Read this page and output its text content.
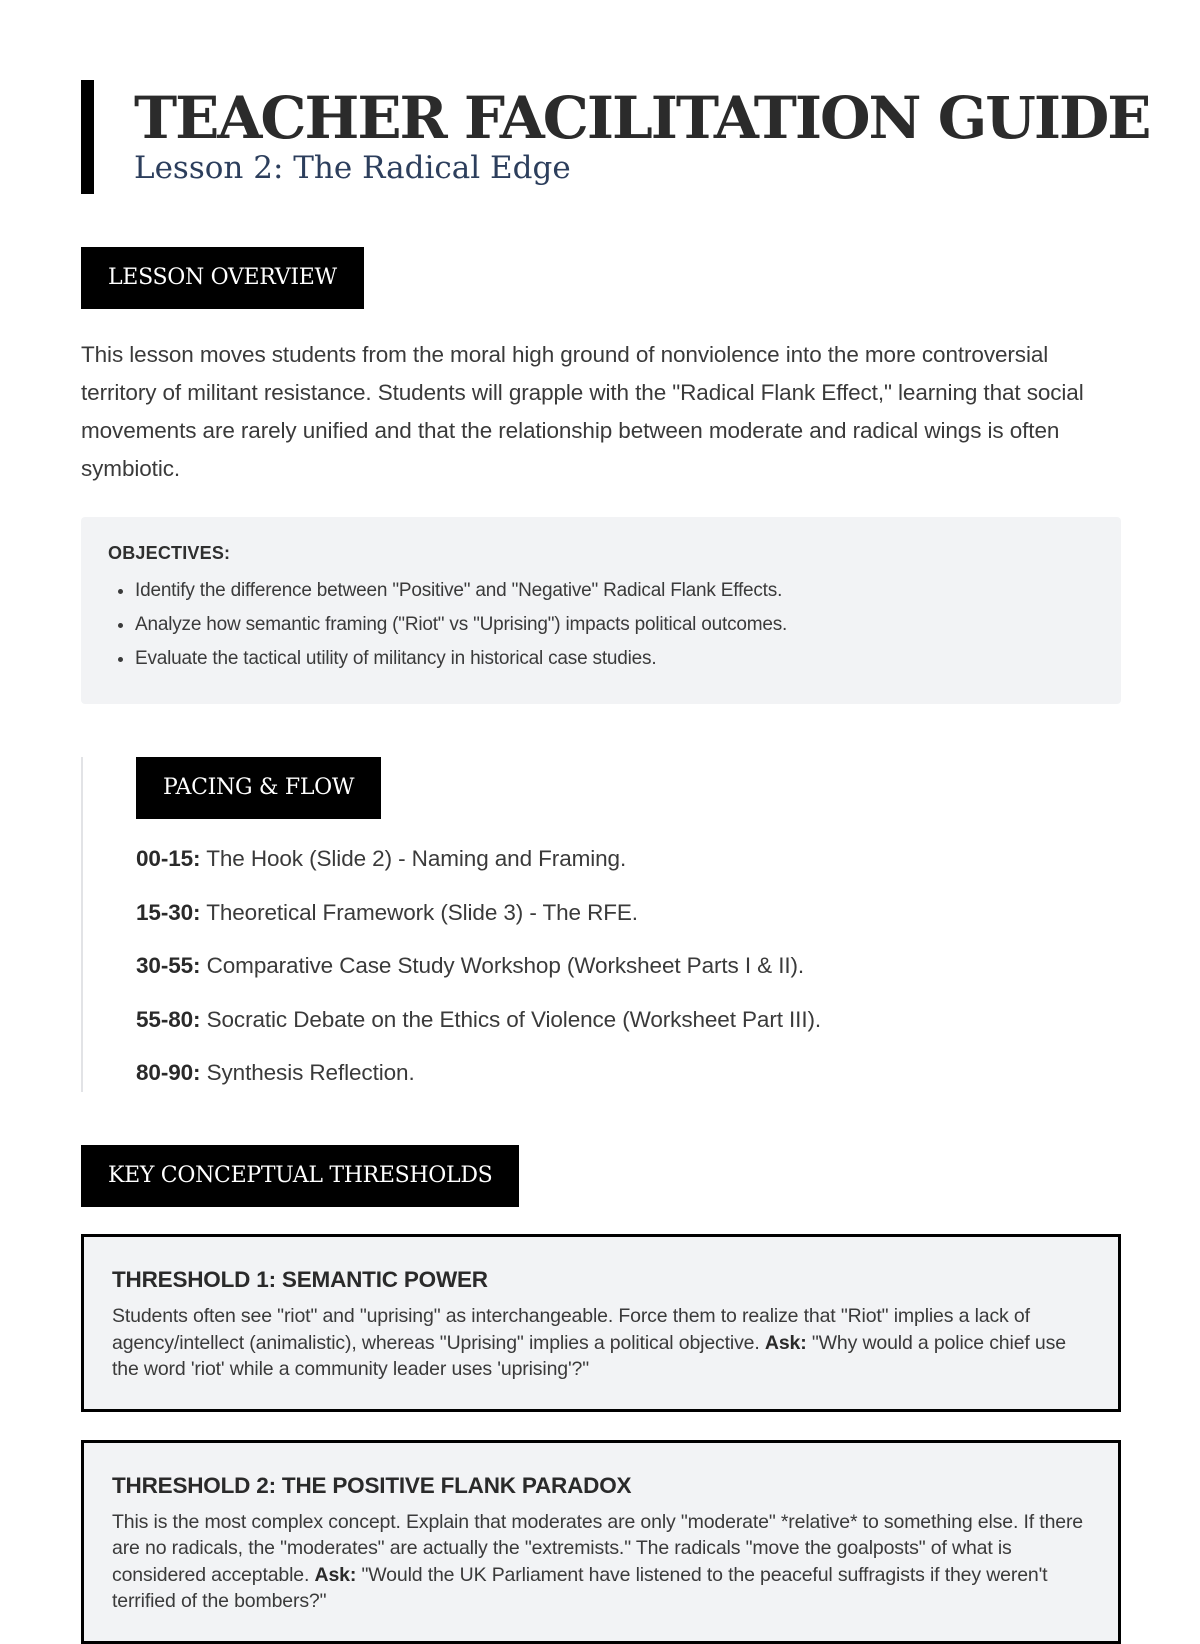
TEACHER FACILITATION GUIDE
Lesson 2: The Radical Edge
LESSON OVERVIEW

This lesson moves students from the moral high ground of nonviolence into the more controversial territory of militant resistance. Students will grapple with the "Radical Flank Effect," learning that social movements are rarely unified and that the relationship between moderate and radical wings is often symbiotic.

OBJECTIVES:
• Identify the difference between "Positive" and "Negative" Radical Flank Effects.
• Analyze how semantic framing ("Riot" vs "Uprising") impacts political outcomes.
• Evaluate the tactical utility of militancy in historical case studies.
PACING & FLOW
00-15: The Hook (Slide 2) - Naming and Framing.
15-30: Theoretical Framework (Slide 3) - The RFE.
30-55: Comparative Case Study Workshop (Worksheet Parts I & II).
55-80: Socratic Debate on the Ethics of Violence (Worksheet Part III).
80-90: Synthesis Reflection.
KEY CONCEPTUAL THRESHOLDS
THRESHOLD 1: SEMANTIC POWER
Students often see "riot" and "uprising" as interchangeable. Force them to realize that "Riot" implies a lack of agency/intellect (animalistic), whereas "Uprising" implies a political objective. Ask: "Why would a police chief use the word 'riot' while a community leader uses 'uprising'?"
THRESHOLD 2: THE POSITIVE FLANK PARADOX
This is the most complex concept. Explain that moderates are only "moderate" *relative* to something else. If there are no radicals, the "moderates" are actually the "extremists." The radicals "move the goalposts" of what is considered acceptable. Ask: "Would the UK Parliament have listened to the peaceful suffragists if they weren't terrified of the bombers?"
